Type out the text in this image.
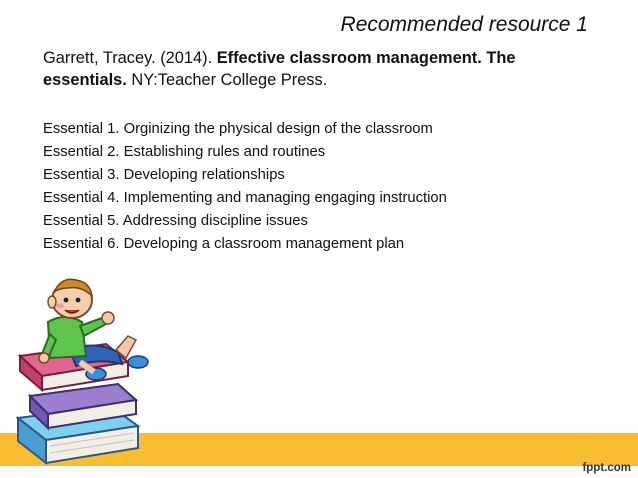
Recommended resource 1
Garrett, Tracey. (2014). Effective classroom management. The essentials. NY:Teacher College Press.
Essential 1. Orginizing the physical design of the classroom
Essential 2. Establishing rules and routines
Essential 3. Developing relationships
Essential 4. Implementing and managing engaging instruction
Essential 5. Addressing discipline issues
Essential 6. Developing a classroom management plan
fppt.com
